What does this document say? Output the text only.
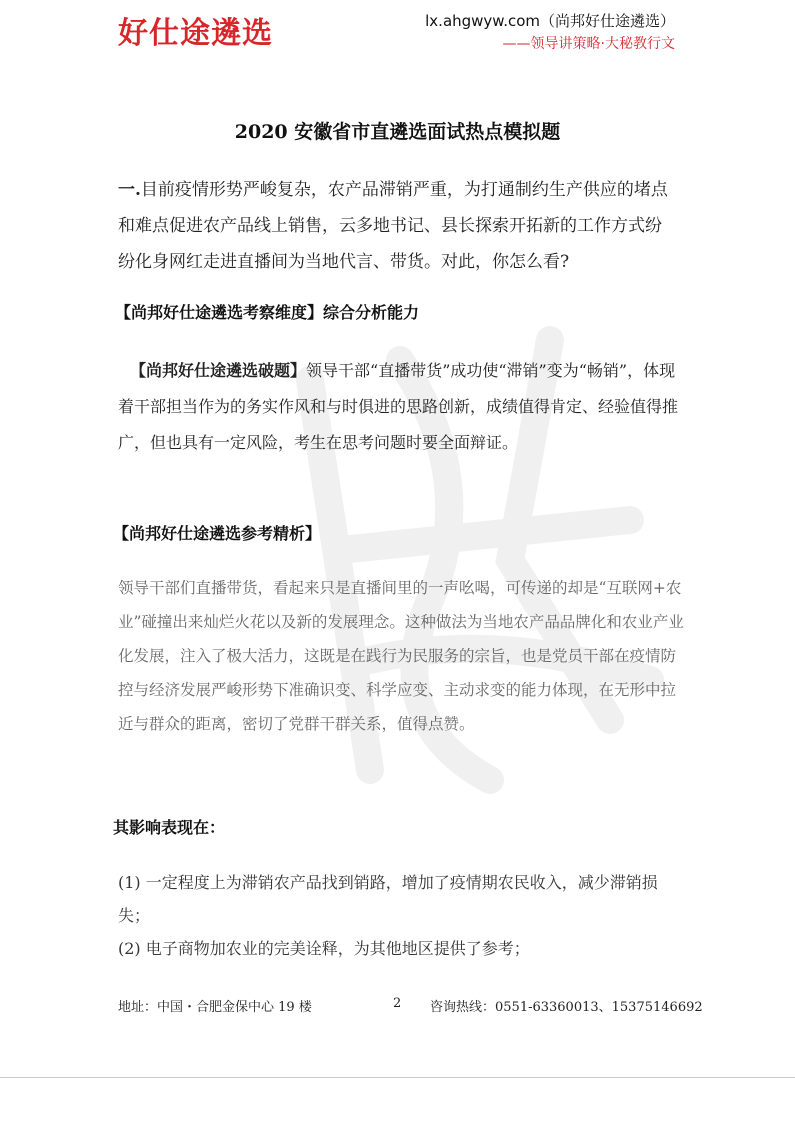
好仕途遴选	lx.ahgwyw.com（尚邦好仕途遴选）
——领导讲策略·大秘教行文
2020 安徽省市直遴选面试热点模拟题
一.目前疫情形势严峻复杂，农产品滞销严重，为打通制约生产供应的堵点和难点促进农产品线上销售，云多地书记、县长探索开拓新的工作方式纷纷化身网红走进直播间为当地代言、带货。对此，你怎么看?
【尚邦好仕途遴选考察维度】综合分析能力
【尚邦好仕途遴选破题】领导干部“直播带货”成功使“滞销”变为“畅销”，体现着干部担当作为的务实作风和与时俱进的思路创新，成绩值得肯定、经验值得推广，但也具有一定风险，考生在思考问题时要全面辩证。
【尚邦好仕途遴选参考精析】
领导干部们直播带货，看起来只是直播间里的一声吆喝，可传递的却是“互联网+农业”碰撞出来灿烂火花以及新的发展理念。这种做法为当地农产品品牌化和农业产业化发展，注入了极大活力，这既是在践行为民服务的宗旨，也是党员干部在疫情防控与经济发展严峻形势下准确识变、科学应变、主动求变的能力体现，在无形中拉近与群众的距离，密切了党群干群关系，值得点赞。
其影响表现在：
(1) 一定程度上为滞销农产品找到销路，增加了疫情期农民收入，减少滞销损失；
(2) 电子商物加农业的完美诠释，为其他地区提供了参考；
地址：中国・合肥金保中心 19 楼	2 咨询热线：0551-63360013、15375146692
